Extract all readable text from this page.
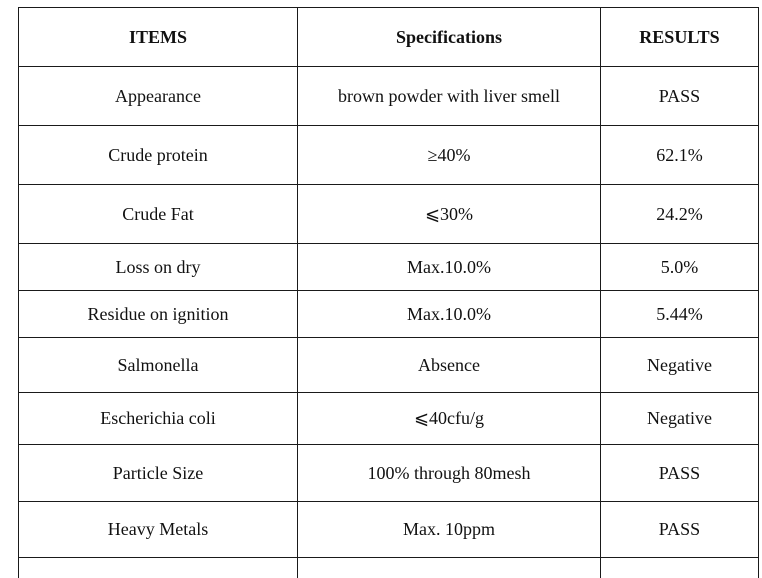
ITEMS	Specifications	RESULTS
Appearance	brown powder with liver smell	PASS
Crude protein	≥40%	62.1%
Crude Fat	⩽30%	24.2%
Loss on dry	Max.10.0%	5.0%
Residue on ignition	Max.10.0%	5.44%
Salmonella	Absence	Negative
Escherichia coli	⩽40cfu/g	Negative
Particle Size	100% through 80mesh	PASS
Heavy Metals	Max. 10ppm	PASS
